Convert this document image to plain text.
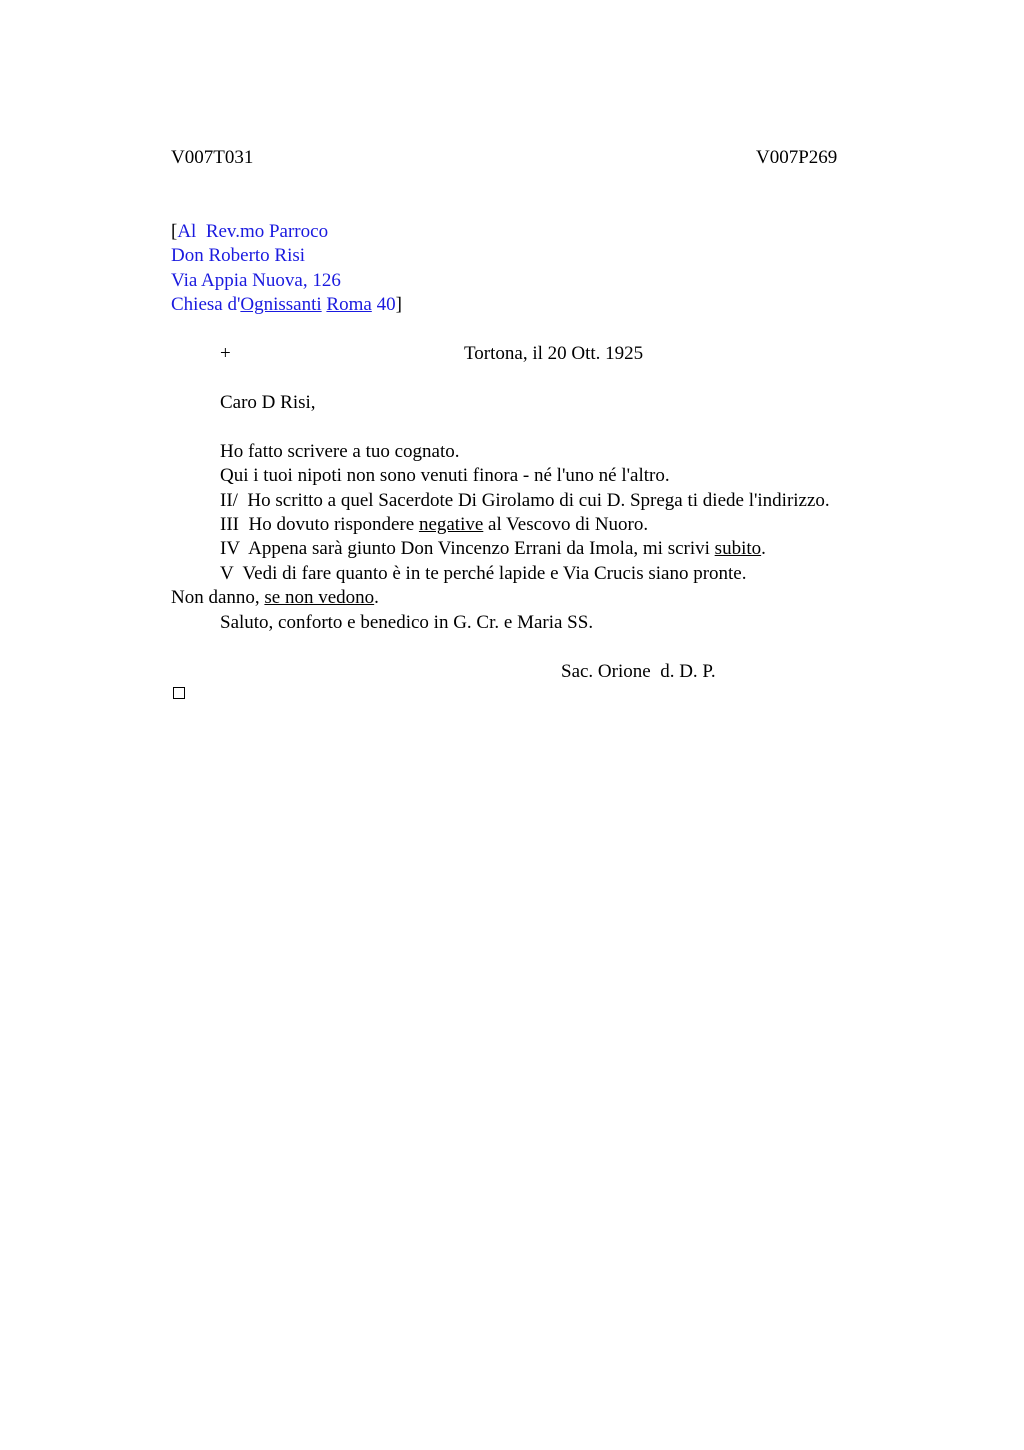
V007T031	V007P269
[Al  Rev.mo Parroco
Don Roberto Risi
Via Appia Nuova, 126
Chiesa d'Ognissanti Roma 40]
+	Tortona, il 20 Ott. 1925
Caro D Risi,
Ho fatto scrivere a tuo cognato.
Qui i tuoi nipoti non sono venuti finora - né l'uno né l'altro.
II/  Ho scritto a quel Sacerdote Di Girolamo di cui D. Sprega ti diede l'indirizzo.
III  Ho dovuto rispondere negative al Vescovo di Nuoro.
IV  Appena sarà giunto Don Vincenzo Errani da Imola, mi scrivi subito.
V  Vedi di fare quanto è in te perché lapide e Via Crucis siano pronte.
Non danno, se non vedono.
Saluto, conforto e benedico in G. Cr. e Maria SS.
Sac. Orione  d. D. P.
